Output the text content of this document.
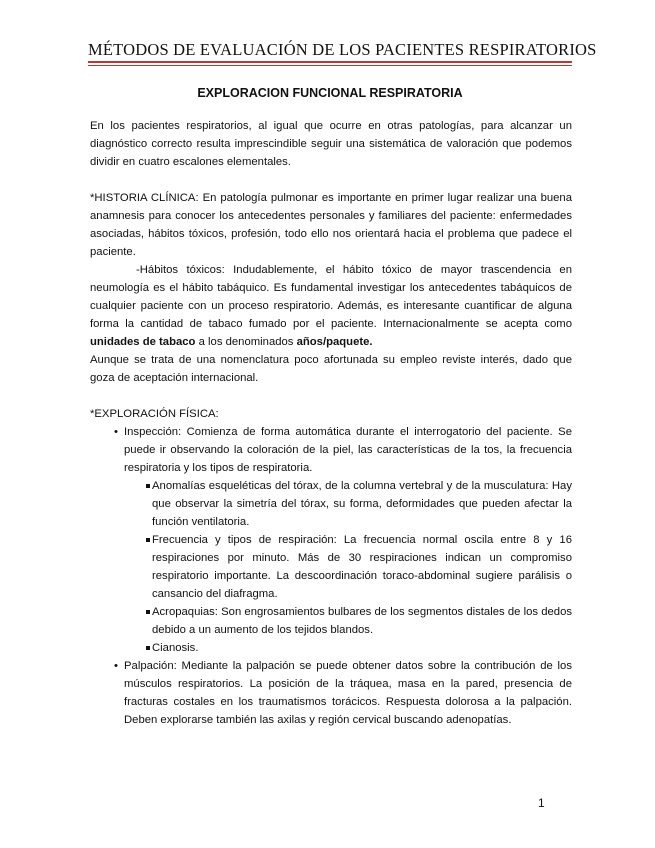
MÉTODOS DE EVALUACIÓN DE LOS PACIENTES RESPIRATORIOS
EXPLORACION FUNCIONAL RESPIRATORIA

En los pacientes respiratorios, al igual que ocurre en otras patologías, para alcanzar un diagnóstico correcto resulta imprescindible seguir una sistemática de valoración que podemos dividir en cuatro escalones elementales.

*HISTORIA CLÍNICA: En patología pulmonar es importante en primer lugar realizar una buena anamnesis para conocer los antecedentes personales y familiares del paciente: enfermedades asociadas, hábitos tóxicos, profesión, todo ello nos orientará hacia el problema que padece el paciente.

-Hábitos tóxicos: Indudablemente, el hábito tóxico de mayor trascendencia en neumología es el hábito tabáquico. Es fundamental investigar los antecedentes tabáquicos de cualquier paciente con un proceso respiratorio. Además, es interesante cuantificar de alguna forma la cantidad de tabaco fumado por el paciente. Internacionalmente se acepta como unidades de tabaco a los denominados años/paquete.

Aunque se trata de una nomenclatura poco afortunada su empleo reviste interés, dado que goza de aceptación internacional.

*EXPLORACIÓN FÍSICA:

• Inspección: Comienza de forma automática durante el interrogatorio del paciente. Se puede ir observando la coloración de la piel, las características de la tos, la frecuencia respiratoria y los tipos de respiratoria.
Anomalías esqueléticas del tórax, de la columna vertebral y de la musculatura: Hay que observar la simetría del tórax, su forma, deformidades que pueden afectar la función ventilatoria.
Frecuencia y tipos de respiración: La frecuencia normal oscila entre 8 y 16 respiraciones por minuto. Más de 30 respiraciones indican un compromiso respiratorio importante. La descoordinación toraco-abdominal sugiere parálisis o cansancio del diafragma.
Acropaquias: Son engrosamientos bulbares de los segmentos distales de los dedos debido a un aumento de los tejidos blandos.
Cianosis.
• Palpación: Mediante la palpación se puede obtener datos sobre la contribución de los músculos respiratorios. La posición de la tráquea, masa en la pared, presencia de fracturas costales en los traumatismos torácicos. Respuesta dolorosa a la palpación. Deben explorarse también las axilas y región cervical buscando adenopatías.
1
